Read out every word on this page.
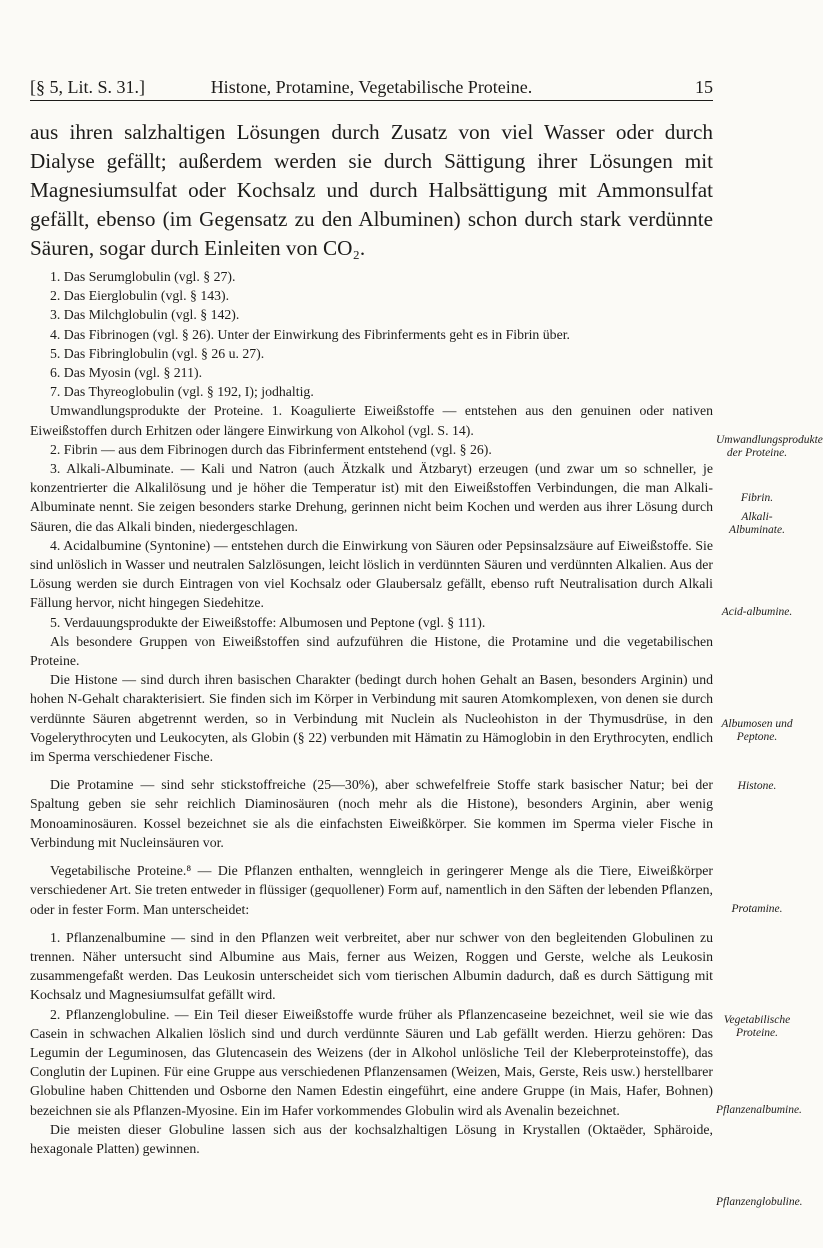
[§ 5, Lit. S. 31.]	Histone, Protamine, Vegetabilische Proteine.	15

aus ihren salzhaltigen Lösungen durch Zusatz von viel Wasser oder durch Dialyse gefällt; außerdem werden sie durch Sättigung ihrer Lösungen mit Magnesiumsulfat oder Kochsalz und durch Halbsättigung mit Ammonsulfat gefällt, ebenso (im Gegensatz zu den Albuminen) schon durch stark verdünnte Säuren, sogar durch Einleiten von CO₂.

1. Das Serumglobulin (vgl. § 27).

2. Das Eierglobulin (vgl. § 143).

3. Das Milchglobulin (vgl. § 142).

4. Das Fibrinogen (vgl. § 26). Unter der Einwirkung des Fibrinferments geht es in Fibrin über.

5. Das Fibringlobulin (vgl. § 26 u. 27).

6. Das Myosin (vgl. § 211).

7. Das Thyreoglobulin (vgl. § 192, I); jodhaltig.

Umwandlungsprodukte der Proteine. 1. Koagulierte Eiweißstoffe — entstehen aus den genuinen oder nativen Eiweißstoffen durch Erhitzen oder längere Einwirkung von Alkohol (vgl. S. 14).

2. Fibrin — aus dem Fibrinogen durch das Fibrinferment entstehend (vgl. § 26).

3. Alkali-Albuminate. — Kali und Natron (auch Ätzkalk und Ätzbaryt) erzeugen (und zwar um so schneller, je konzentrierter die Alkalilösung und je höher die Temperatur ist) mit den Eiweißstoffen Verbindungen, die man Alkali-Albuminate nennt. Sie zeigen besonders starke Drehung, gerinnen nicht beim Kochen und werden aus ihrer Lösung durch Säuren, die das Alkali binden, niedergeschlagen.

4. Acidalbumine (Syntonine) — entstehen durch die Einwirkung von Säuren oder Pepsinsalzsäure auf Eiweißstoffe. Sie sind unlöslich in Wasser und neutralen Salzlösungen, leicht löslich in verdünnten Säuren und verdünnten Alkalien. Aus der Lösung werden sie durch Eintragen von viel Kochsalz oder Glaubersalz gefällt, ebenso ruft Neutralisation durch Alkali Fällung hervor, nicht hingegen Siedehitze.

5. Verdauungsprodukte der Eiweißstoffe: Albumosen und Peptone (vgl. § 111).

Als besondere Gruppen von Eiweißstoffen sind aufzuführen die Histone, die Protamine und die vegetabilischen Proteine.

Die Histone — sind durch ihren basischen Charakter (bedingt durch hohen Gehalt an Basen, besonders Arginin) und hohen N-Gehalt charakterisiert. Sie finden sich im Körper in Verbindung mit sauren Atomkomplexen, von denen sie durch verdünnte Säuren abgetrennt werden, so in Verbindung mit Nuclein als Nucleohiston in der Thymusdrüse, in den Vogelerythrocyten und Leukocyten, als Globin (§ 22) verbunden mit Hämatin zu Hämoglobin in den Erythrocyten, endlich im Sperma verschiedener Fische.

Die Protamine — sind sehr stickstoffreiche (25—30%), aber schwefelfreie Stoffe stark basischer Natur; bei der Spaltung geben sie sehr reichlich Diaminosäuren (noch mehr als die Histone), besonders Arginin, aber wenig Monoaminosäuren. Kossel bezeichnet sie als die einfachsten Eiweißkörper. Sie kommen im Sperma vieler Fische in Verbindung mit Nucleinsäuren vor.

Vegetabilische Proteine.⁸ — Die Pflanzen enthalten, wenngleich in geringerer Menge als die Tiere, Eiweißkörper verschiedener Art. Sie treten entweder in flüssiger (gequollener) Form auf, namentlich in den Säften der lebenden Pflanzen, oder in fester Form. Man unterscheidet:

1. Pflanzenalbumine — sind in den Pflanzen weit verbreitet, aber nur schwer von den begleitenden Globulinen zu trennen. Näher untersucht sind Albumine aus Mais, ferner aus Weizen, Roggen und Gerste, welche als Leukosin zusammengefaßt werden. Das Leukosin unterscheidet sich vom tierischen Albumin dadurch, daß es durch Sättigung mit Kochsalz und Magnesiumsulfat gefällt wird.

2. Pflanzenglobuline. — Ein Teil dieser Eiweißstoffe wurde früher als Pflanzencaseine bezeichnet, weil sie wie das Casein in schwachen Alkalien löslich sind und durch verdünnte Säuren und Lab gefällt werden. Hierzu gehören: Das Legumin der Leguminosen, das Glutencasein des Weizens (der in Alkohol unlösliche Teil der Kleberproteinstoffe), das Conglutin der Lupinen. Für eine Gruppe aus verschiedenen Pflanzensamen (Weizen, Mais, Gerste, Reis usw.) herstellbarer Globuline haben Chittenden und Osborne den Namen Edestin eingeführt, eine andere Gruppe (in Mais, Hafer, Bohnen) bezeichnen sie als Pflanzen-Myosine. Ein im Hafer vorkommendes Globulin wird als Avenalin bezeichnet.

Die meisten dieser Globuline lassen sich aus der kochsalzhaltigen Lösung in Krystallen (Oktaëder, Sphäroide, hexagonale Platten) gewinnen.

Umwandlungsprodukte der Proteine.
Fibrin.
Alkali-Albuminate.
Acid-albumine.
Albumosen und Peptone.
Histone.
Protamine.
Vegetabilische Proteine.
Pflanzenalbumine.
Pflanzenglobuline.
